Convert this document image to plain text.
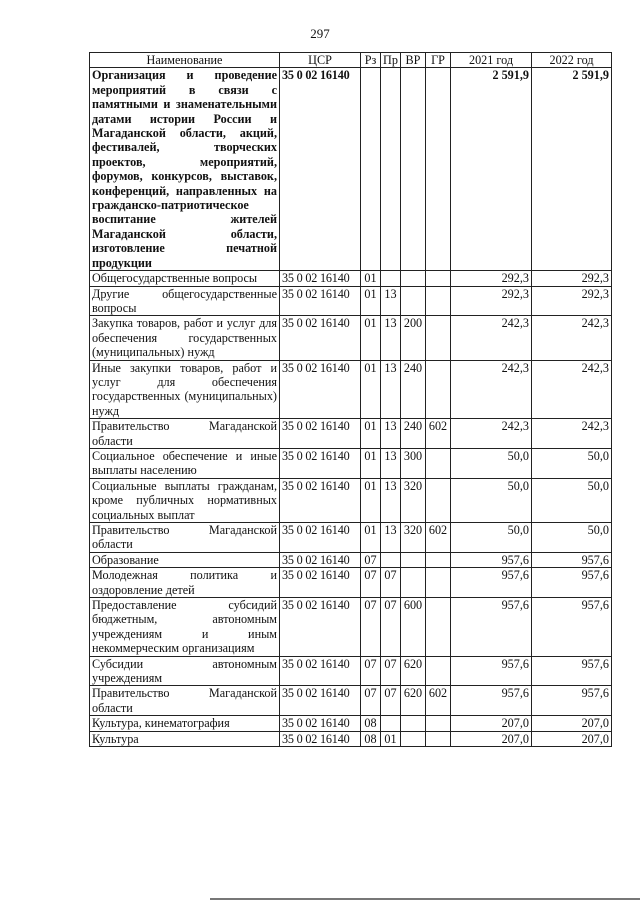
297
Наименование	ЦСР	Рз	Пр	ВР	ГР	2021 год	2022 год
Организация и проведение мероприятий в связи с памятными и знаменательными датами истории России и Магаданской области, акций, фестивалей, творческих проектов, мероприятий, форумов, конкурсов, выставок, конференций, направленных на гражданско-патриотическое воспитание жителей Магаданской области, изготовление печатной продукции	35 0 02 16140					2 591,9	2 591,9
Общегосударственные вопросы	35 0 02 16140	01				292,3	292,3
Другие общегосударственные вопросы	35 0 02 16140	01	13			292,3	292,3
Закупка товаров, работ и услуг для обеспечения государственных (муниципальных) нужд	35 0 02 16140	01	13	200		242,3	242,3
Иные закупки товаров, работ и услуг для обеспечения государственных (муниципальных) нужд	35 0 02 16140	01	13	240		242,3	242,3
Правительство Магаданской области	35 0 02 16140	01	13	240	602	242,3	242,3
Социальное обеспечение и иные выплаты населению	35 0 02 16140	01	13	300		50,0	50,0
Социальные выплаты гражданам, кроме публичных нормативных социальных выплат	35 0 02 16140	01	13	320		50,0	50,0
Правительство Магаданской области	35 0 02 16140	01	13	320	602	50,0	50,0
Образование	35 0 02 16140	07				957,6	957,6
Молодежная политика и оздоровление детей	35 0 02 16140	07	07			957,6	957,6
Предоставление субсидий бюджетным, автономным учреждениям и иным некоммерческим организациям	35 0 02 16140	07	07	600		957,6	957,6
Субсидии автономным учреждениям	35 0 02 16140	07	07	620		957,6	957,6
Правительство Магаданской области	35 0 02 16140	07	07	620	602	957,6	957,6
Культура, кинематография	35 0 02 16140	08				207,0	207,0
Культура	35 0 02 16140	08	01			207,0	207,0
